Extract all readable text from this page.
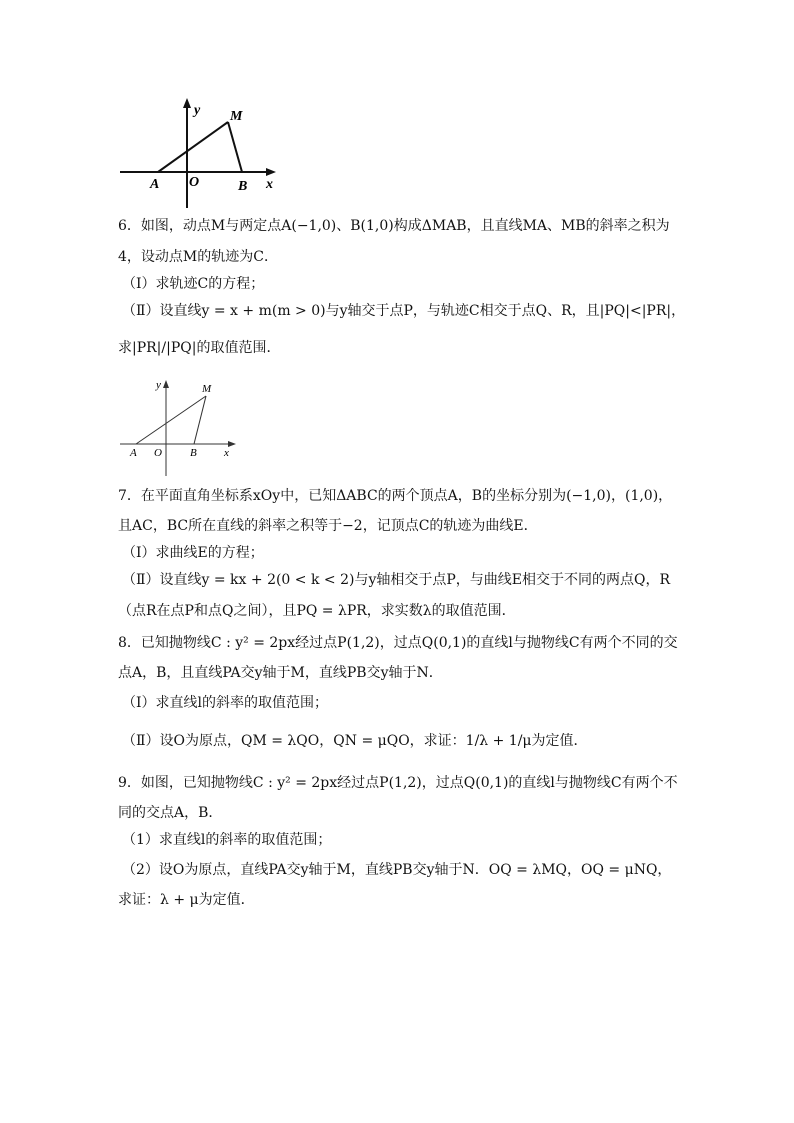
y M
A O	B x
6．如图，动点M与两定点A(−1,0)、B(1,0)构成ΔMAB，且直线MA、MB的斜率之积为
4，设动点M的轨迹为C．
（Ⅰ）求轨迹C的方程；
（Ⅱ）设直线y = x + m(m > 0)与y轴交于点P，与轨迹C相交于点Q、R，且|PQ|<|PR|，
求|PR|/|PQ|的取值范围．
y	M
A O	B x
7．在平面直角坐标系xOy中，已知ΔABC的两个顶点A，B的坐标分别为(−1,0)，(1,0)，
且AC，BC所在直线的斜率之积等于−2，记顶点C的轨迹为曲线E．
（Ⅰ）求曲线E的方程；
（Ⅱ）设直线y = kx + 2(0 < k < 2)与y轴相交于点P，与曲线E相交于不同的两点Q，R
（点R在点P和点Q之间），且PQ = λPR，求实数λ的取值范围．
8．已知抛物线C : y² = 2px经过点P(1,2)，过点Q(0,1)的直线l与抛物线C有两个不同的交
点A，B，且直线PA交y轴于M，直线PB交y轴于N．
（Ⅰ）求直线l的斜率的取值范围；
（Ⅱ）设O为原点，QM = λQO，QN = μQO，求证：1/λ + 1/μ为定值．
9．如图，已知抛物线C : y² = 2px经过点P(1,2)，过点Q(0,1)的直线l与抛物线C有两个不
同的交点A，B．
（1）求直线l的斜率的取值范围；
（2）设O为原点，直线PA交y轴于M，直线PB交y轴于N．OQ = λMQ，OQ = μNQ，
求证：λ + μ为定值．
